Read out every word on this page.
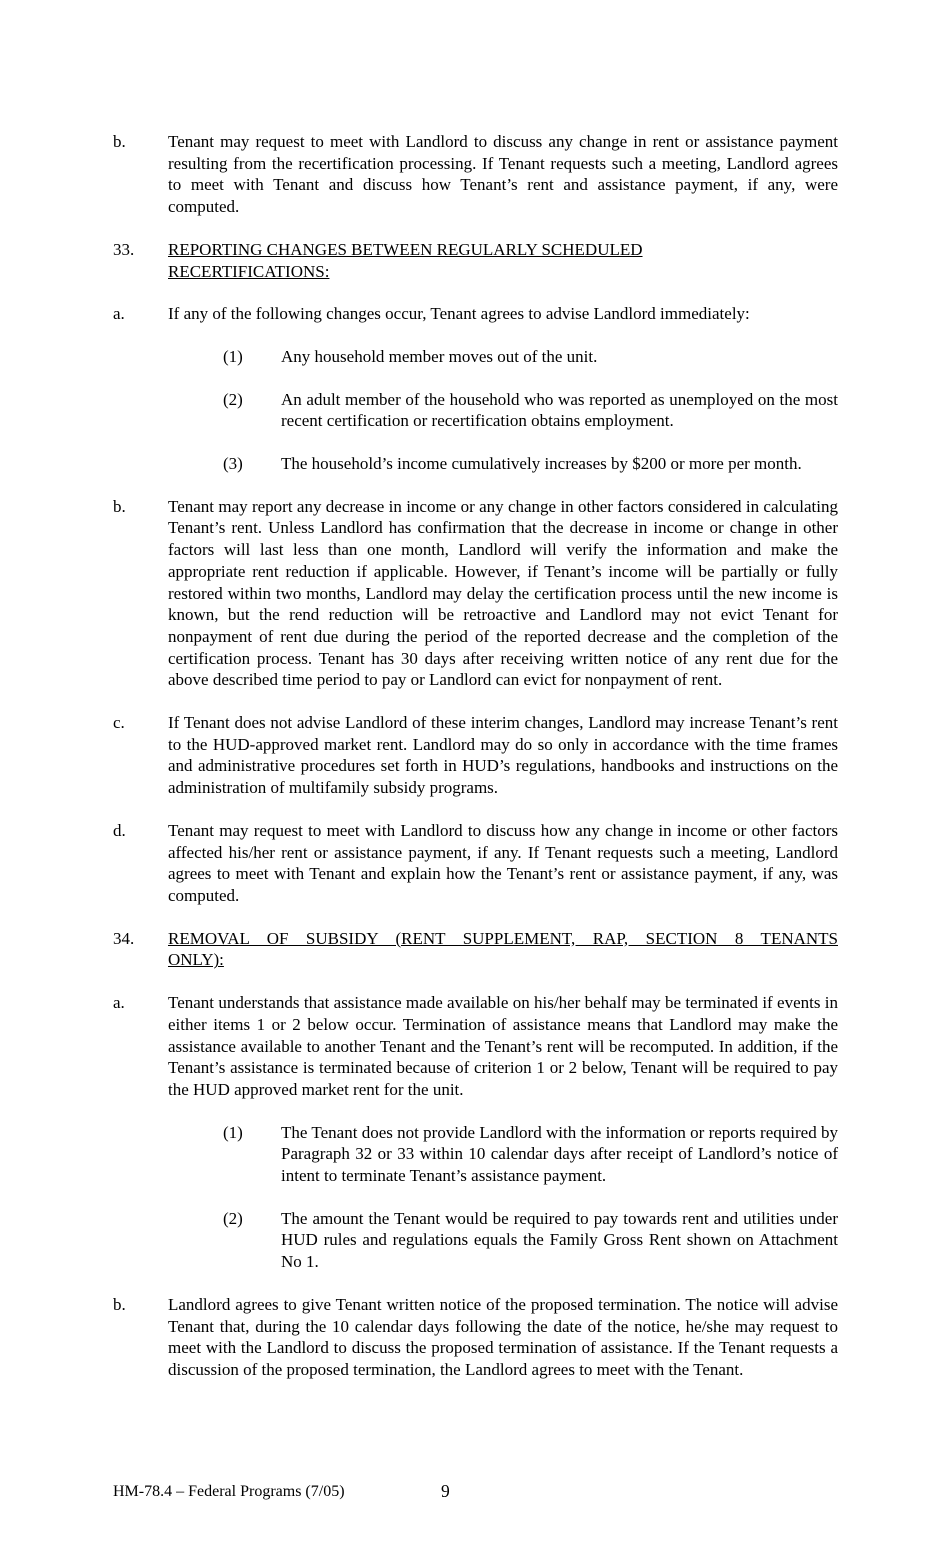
b.	Tenant may request to meet with Landlord to discuss any change in rent or assistance payment resulting from the recertification processing. If Tenant requests such a meeting, Landlord agrees to meet with Tenant and discuss how Tenant’s rent and assistance payment, if any, were computed.
33.	REPORTING CHANGES BETWEEN REGULARLY SCHEDULED
RECERTIFICATIONS:
a.	If any of the following changes occur, Tenant agrees to advise Landlord immediately:
(1)	Any household member moves out of the unit.
(2)	An adult member of the household who was reported as unemployed on the most recent certification or recertification obtains employment.
(3)	The household’s income cumulatively increases by $200 or more per month.
b.	Tenant may report any decrease in income or any change in other factors considered in calculating Tenant’s rent. Unless Landlord has confirmation that the decrease in income or change in other factors will last less than one month, Landlord will verify the information and make the appropriate rent reduction if applicable. However, if Tenant’s income will be partially or fully restored within two months, Landlord may delay the certification process until the new income is known, but the rend reduction will be retroactive and Landlord may not evict Tenant for nonpayment of rent due during the period of the reported decrease and the completion of the certification process. Tenant has 30 days after receiving written notice of any rent due for the above described time period to pay or Landlord can evict for nonpayment of rent.
c.	If Tenant does not advise Landlord of these interim changes, Landlord may increase Tenant’s rent to the HUD-approved market rent. Landlord may do so only in accordance with the time frames and administrative procedures set forth in HUD’s regulations, handbooks and instructions on the administration of multifamily subsidy programs.
d.	Tenant may request to meet with Landlord to discuss how any change in income or other factors affected his/her rent or assistance payment, if any. If Tenant requests such a meeting, Landlord agrees to meet with Tenant and explain how the Tenant’s rent or assistance payment, if any, was computed.
34.	REMOVAL OF SUBSIDY (RENT SUPPLEMENT, RAP, SECTION 8 TENANTS
ONLY):
a.	Tenant understands that assistance made available on his/her behalf may be terminated if events in either items 1 or 2 below occur. Termination of assistance means that Landlord may make the assistance available to another Tenant and the Tenant’s rent will be recomputed. In addition, if the Tenant’s assistance is terminated because of criterion 1 or 2 below, Tenant will be required to pay the HUD approved market rent for the unit.
(1)	The Tenant does not provide Landlord with the information or reports required by Paragraph 32 or 33 within 10 calendar days after receipt of Landlord’s notice of intent to terminate Tenant’s assistance payment.
(2)	The amount the Tenant would be required to pay towards rent and utilities under HUD rules and regulations equals the Family Gross Rent shown on Attachment No 1.
b.	Landlord agrees to give Tenant written notice of the proposed termination. The notice will advise Tenant that, during the 10 calendar days following the date of the notice, he/she may request to meet with the Landlord to discuss the proposed termination of assistance. If the Tenant requests a discussion of the proposed termination, the Landlord agrees to meet with the Tenant.
HM-78.4 – Federal Programs (7/05)	9
